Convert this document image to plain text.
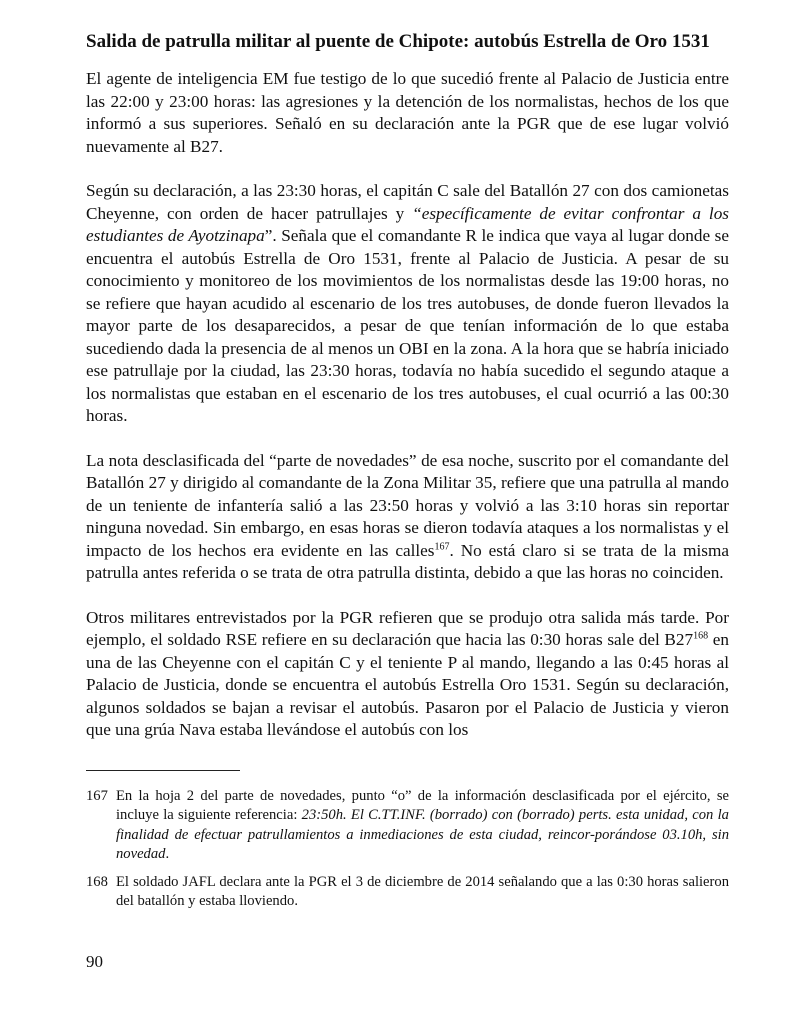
Salida de patrulla militar al puente de Chipote: autobús Estrella de Oro 1531

El agente de inteligencia EM fue testigo de lo que sucedió frente al Palacio de Justicia entre las 22:00 y 23:00 horas: las agresiones y la detención de los normalistas, hechos de los que informó a sus superiores. Señaló en su declaración ante la PGR que de ese lugar volvió nuevamente al B27.

Según su declaración, a las 23:30 horas, el capitán C sale del Batallón 27 con dos camionetas Cheyenne, con orden de hacer patrullajes y “específicamente de evitar confrontar a los estudiantes de Ayotzinapa”. Señala que el comandante R le indica que vaya al lugar donde se encuentra el autobús Estrella de Oro 1531, frente al Palacio de Justicia. A pesar de su conocimiento y monitoreo de los movimientos de los normalistas desde las 19:00 horas, no se refiere que hayan acudido al escenario de los tres autobuses, de donde fueron llevados la mayor parte de los desaparecidos, a pesar de que tenían información de lo que estaba sucediendo dada la presencia de al menos un OBI en la zona. A la hora que se habría iniciado ese patrullaje por la ciudad, las 23:30 horas, todavía no había sucedido el segundo ataque a los normalistas que estaban en el escenario de los tres autobuses, el cual ocurrió a las 00:30 horas.

La nota desclasificada del “parte de novedades” de esa noche, suscrito por el comandante del Batallón 27 y dirigido al comandante de la Zona Militar 35, refiere que una patrulla al mando de un teniente de infantería salió a las 23:50 horas y volvió a las 3:10 horas sin reportar ninguna novedad. Sin embargo, en esas horas se dieron todavía ataques a los normalistas y el impacto de los hechos era evidente en las calles$^{167}$. No está claro si se trata de la misma patrulla antes referida o se trata de otra patrulla distinta, debido a que las horas no coinciden.

Otros militares entrevistados por la PGR refieren que se produjo otra salida más tarde. Por ejemplo, el soldado RSE refiere en su declaración que hacia las 0:30 horas sale del $B27^{168}$ en una de las Cheyenne con el capitán C y el teniente P al mando, llegando a las 0:45 horas al Palacio de Justicia, donde se encuentra el autobús Estrella Oro 1531. Según su declaración, algunos soldados se bajan a revisar el autobús. Pasaron por el Palacio de Justicia y vieron que una grúa Nava estaba llevándose el autobús con los

167 En la hoja 2 del parte de novedades, punto “o” de la información desclasificada por el ejército, se incluye la siguiente referencia: 23:50h. El C.TT.INF. (borrado) con (borrado) perts. esta unidad, con la finalidad de efectuar patrullamientos a inmediaciones de esta ciudad, reincor-porándose 03.10h, sin novedad.
168 El soldado JAFL declara ante la PGR el 3 de diciembre de 2014 señalando que a las 0:30 horas salieron del batallón y estaba lloviendo.
90
